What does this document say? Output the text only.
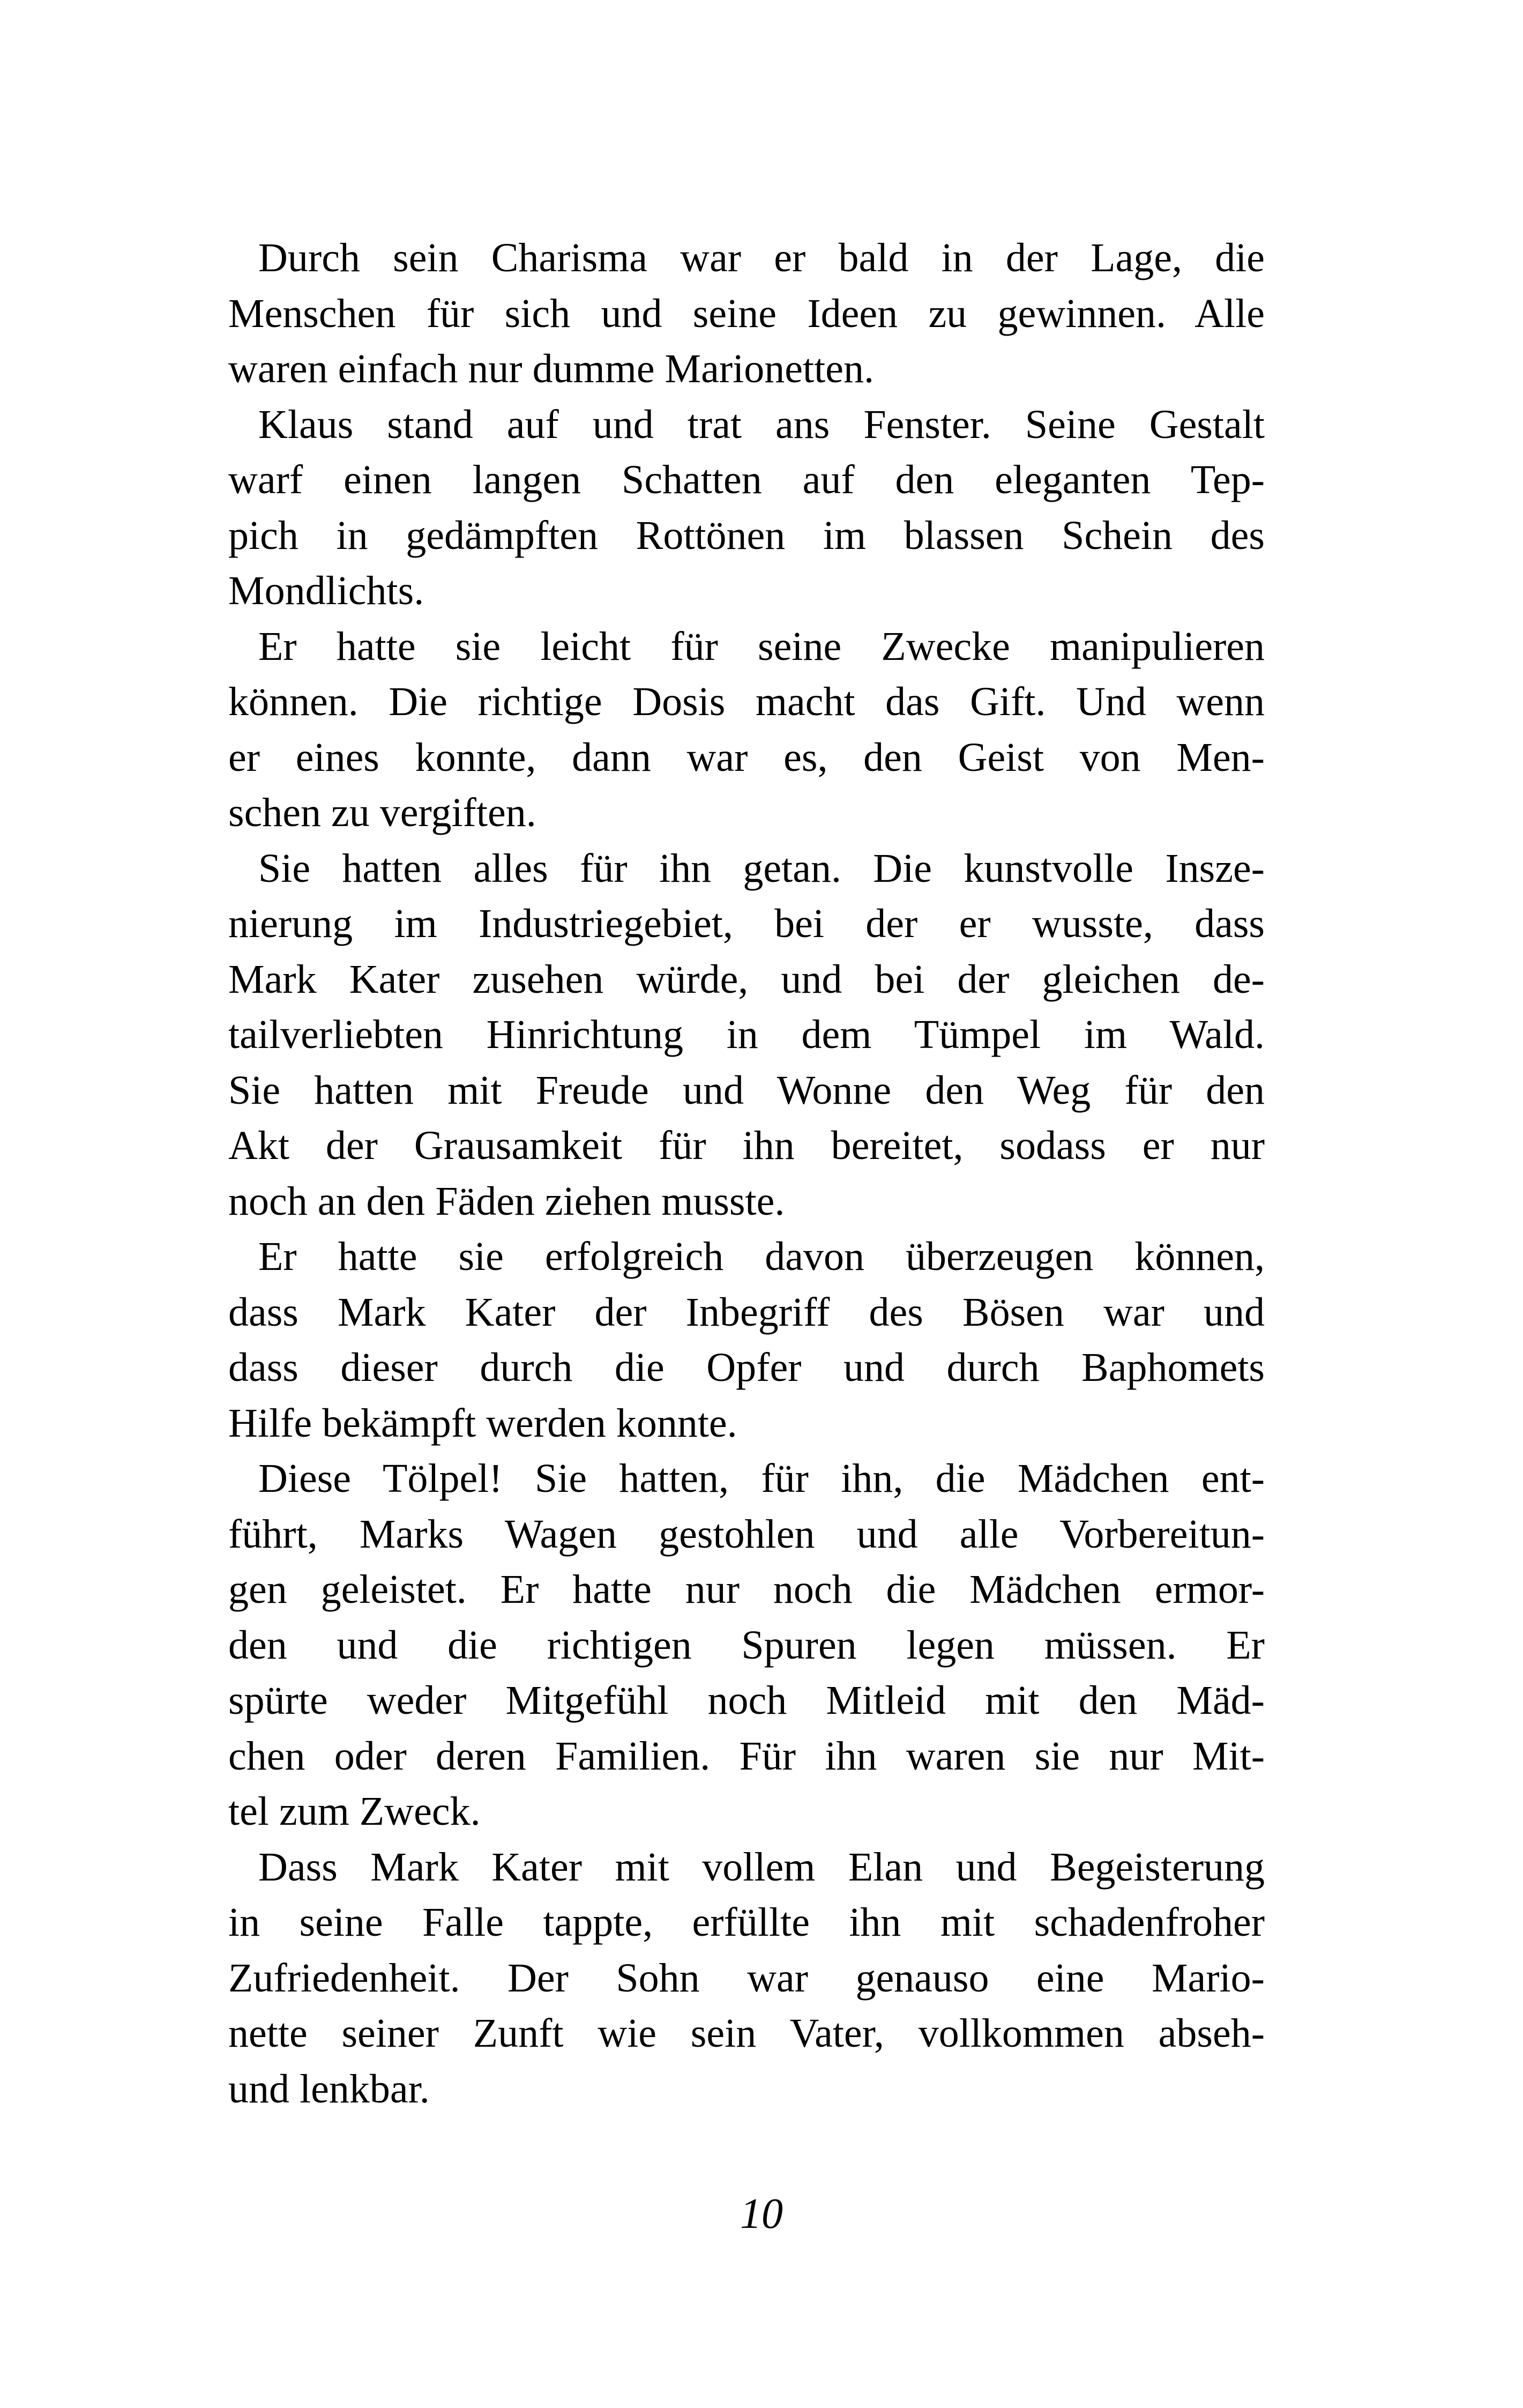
Durch sein Charisma war er bald in der Lage, die
Menschen für sich und seine Ideen zu gewinnen. Alle
waren einfach nur dumme Marionetten.
Klaus stand auf und trat ans Fenster. Seine Gestalt
warf einen langen Schatten auf den eleganten Tep-
pich in gedämpften Rottönen im blassen Schein des
Mondlichts.
Er hatte sie leicht für seine Zwecke manipulieren
können. Die richtige Dosis macht das Gift. Und wenn
er eines konnte, dann war es, den Geist von Men-
schen zu vergiften.
Sie hatten alles für ihn getan. Die kunstvolle Insze-
nierung im Industriegebiet, bei der er wusste, dass
Mark Kater zusehen würde, und bei der gleichen de-
tailverliebten Hinrichtung in dem Tümpel im Wald.
Sie hatten mit Freude und Wonne den Weg für den
Akt der Grausamkeit für ihn bereitet, sodass er nur
noch an den Fäden ziehen musste.
Er hatte sie erfolgreich davon überzeugen können,
dass Mark Kater der Inbegriff des Bösen war und
dass dieser durch die Opfer und durch Baphomets
Hilfe bekämpft werden konnte.
Diese Tölpel! Sie hatten, für ihn, die Mädchen ent-
führt, Marks Wagen gestohlen und alle Vorbereitun-
gen geleistet. Er hatte nur noch die Mädchen ermor-
den und die richtigen Spuren legen müssen. Er
spürte weder Mitgefühl noch Mitleid mit den Mäd-
chen oder deren Familien. Für ihn waren sie nur Mit-
tel zum Zweck.
Dass Mark Kater mit vollem Elan und Begeisterung
in seine Falle tappte, erfüllte ihn mit schadenfroher
Zufriedenheit. Der Sohn war genauso eine Mario-
nette seiner Zunft wie sein Vater, vollkommen abseh-
und lenkbar.
10
